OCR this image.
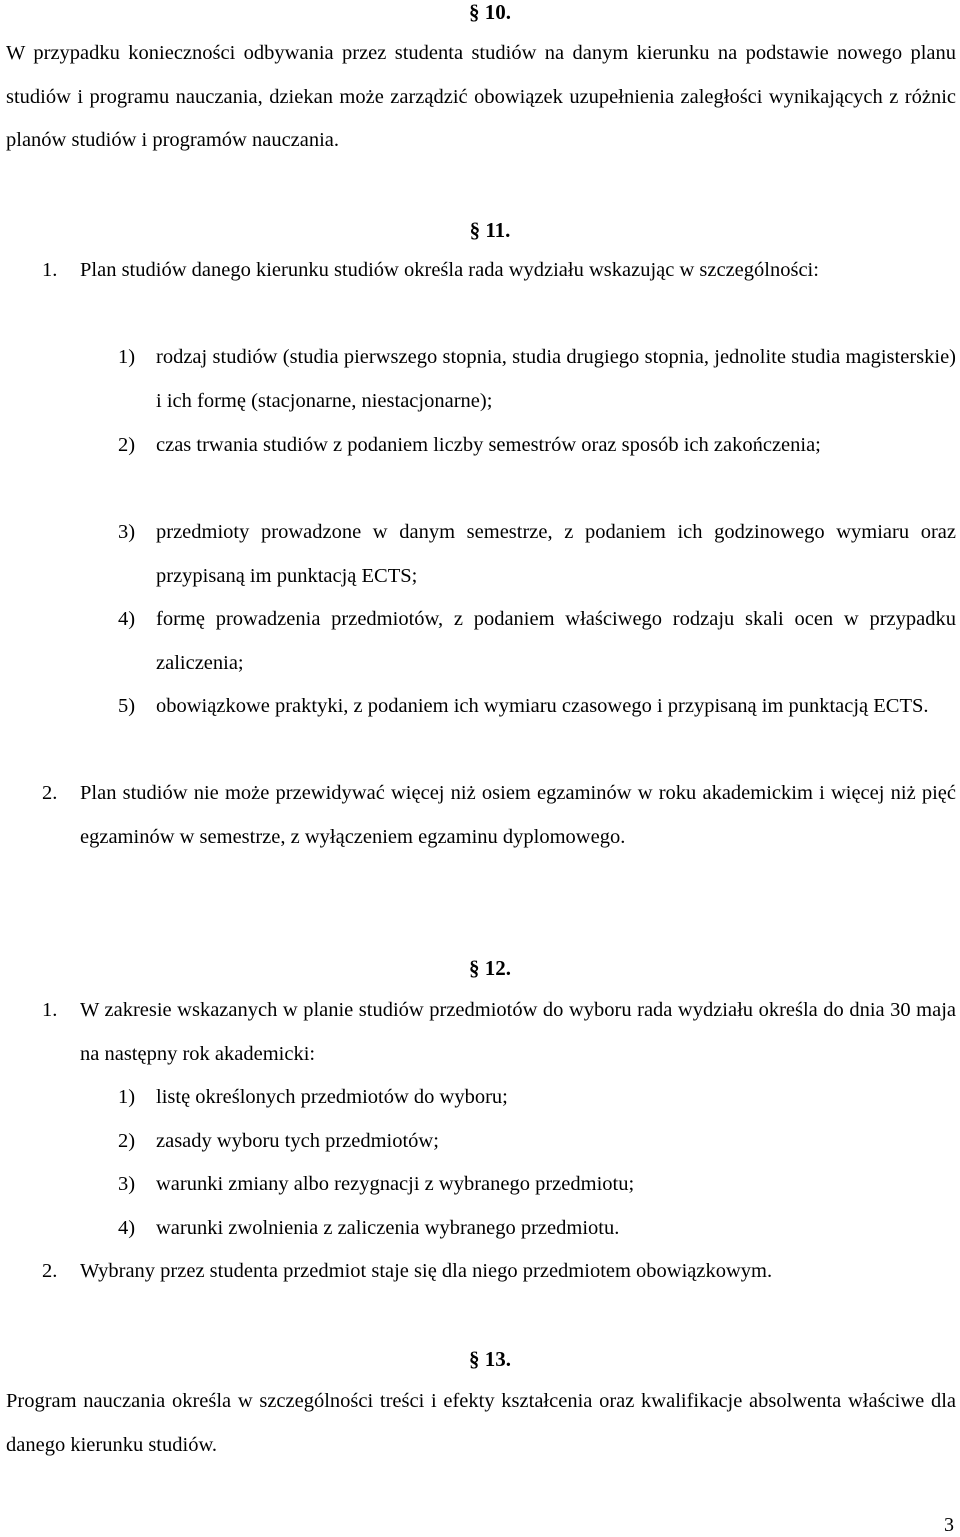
§ 10.
W przypadku konieczności odbywania przez studenta studiów na danym kierunku na podstawie nowego planu studiów i programu nauczania, dziekan może zarządzić obowiązek uzupełnienia zaległości wynikających z różnic planów studiów i programów nauczania.
§ 11.
1. Plan studiów danego kierunku studiów określa rada wydziału wskazując w szczególności:
1) rodzaj studiów (studia pierwszego stopnia, studia drugiego stopnia, jednolite studia magisterskie) i ich formę (stacjonarne, niestacjonarne);
2) czas trwania studiów z podaniem liczby semestrów oraz sposób ich zakończenia;
3) przedmioty prowadzone w danym semestrze, z podaniem ich godzinowego wymiaru oraz przypisaną im punktacją ECTS;
4) formę prowadzenia przedmiotów, z podaniem właściwego rodzaju skali ocen w przypadku zaliczenia;
5) obowiązkowe praktyki, z podaniem ich wymiaru czasowego i przypisaną im punktacją ECTS.
2. Plan studiów nie może przewidywać więcej niż osiem egzaminów w roku akademickim i więcej niż pięć egzaminów w semestrze, z wyłączeniem egzaminu dyplomowego.
§ 12.
1. W zakresie wskazanych w planie studiów przedmiotów do wyboru rada wydziału określa do dnia 30 maja na następny rok akademicki:
1) listę określonych przedmiotów do wyboru;
2) zasady wyboru tych przedmiotów;
3) warunki zmiany albo rezygnacji z wybranego przedmiotu;
4) warunki zwolnienia z zaliczenia wybranego przedmiotu.
2. Wybrany przez studenta przedmiot staje się dla niego przedmiotem obowiązkowym.
§ 13.
Program nauczania określa w szczególności treści i efekty kształcenia oraz kwalifikacje absolwenta właściwe dla danego kierunku studiów.
3
